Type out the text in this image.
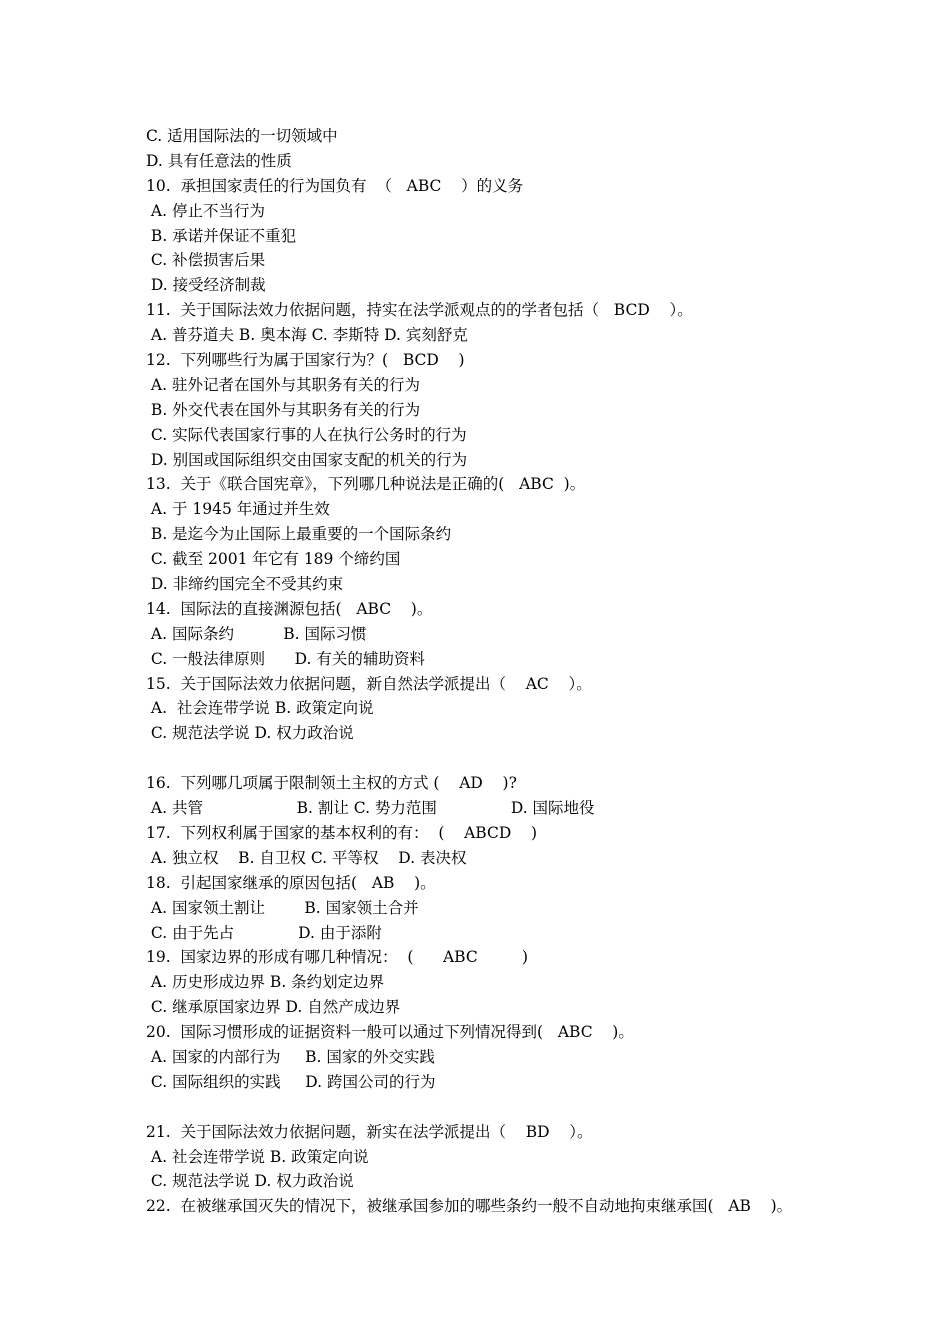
C. 适用国际法的一切领域中
D. 具有任意法的性质
10.  承担国家责任的行为国负有  （   ABC    ）的义务
A. 停止不当行为
B. 承诺并保证不重犯
C. 补偿损害后果
D. 接受经济制裁
11.  关于国际法效力依据问题，持实在法学派观点的的学者包括（   BCD    ）。
A. 普芬道夫 B. 奥本海 C. 李斯特 D. 宾刻舒克
12.  下列哪些行为属于国家行为？(   BCD    )
A. 驻外记者在国外与其职务有关的行为
B. 外交代表在国外与其职务有关的行为
C. 实际代表国家行事的人在执行公务时的行为
D. 别国或国际组织交由国家支配的机关的行为
13.  关于《联合国宪章》，下列哪几种说法是正确的(   ABC  )。
A. 于 1945 年通过并生效
B. 是迄今为止国际上最重要的一个国际条约
C. 截至 2001 年它有 189 个缔约国
D. 非缔约国完全不受其约束
14.  国际法的直接渊源包括(   ABC    )。
A. 国际条约          B. 国际习惯
C. 一般法律原则      D. 有关的辅助资料
15.  关于国际法效力依据问题，新自然法学派提出（    AC    ）。
A.  社会连带学说 B. 政策定向说
C. 规范法学说 D. 权力政治说
16.  下列哪几项属于限制领土主权的方式 (    AD    )?
A. 共管                   B. 割让 C. 势力范围               D. 国际地役
17.  下列权利属于国家的基本权利的有：  (    ABCD    )
A. 独立权    B. 自卫权 C. 平等权    D. 表决权
18.  引起国家继承的原因包括(   AB    )。
A. 国家领土割让        B. 国家领土合并
C. 由于先占             D. 由于添附
19.  国家边界的形成有哪几种情况：  (      ABC         )
A. 历史形成边界 B. 条约划定边界
C. 继承原国家边界 D. 自然产成边界
20.  国际习惯形成的证据资料一般可以通过下列情况得到(   ABC    )。
A. 国家的内部行为     B. 国家的外交实践
C. 国际组织的实践     D. 跨国公司的行为
21.  关于国际法效力依据问题，新实在法学派提出（    BD    ）。
A. 社会连带学说 B. 政策定向说
C. 规范法学说 D. 权力政治说
22.  在被继承国灭失的情况下，被继承国参加的哪些条约一般不自动地拘束继承国(   AB    )。
